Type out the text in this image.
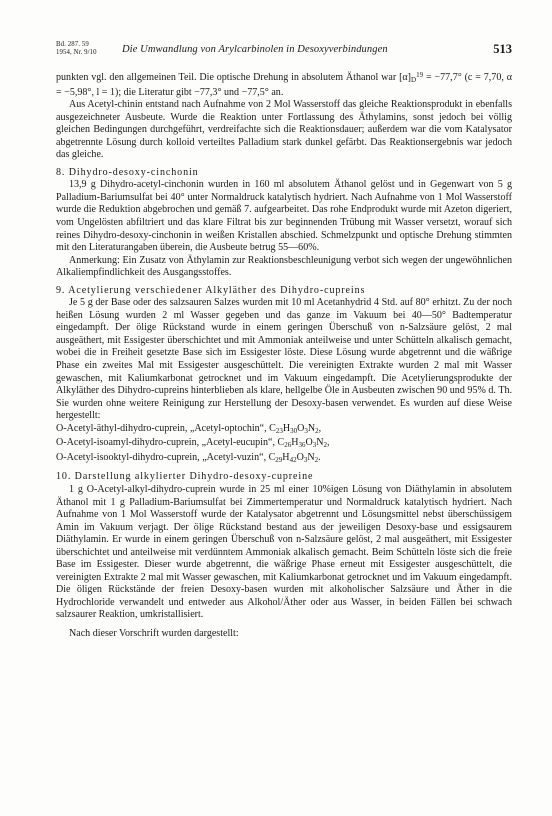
Bd. 287. 59
1954, Nr. 9/10 Die Umwandlung von Arylcarbinolen in Desoxyverbindungen	513

punkten vgl. den allgemeinen Teil. Die optische Drehung in absolutem Äthanol war $[\alpha]_D^{19} = -77,7^\circ$ (c = 7,70, α = −5,98°, l = 1); die Literatur gibt −77,3° und −77,5° an.

Aus Acetyl-chinin entstand nach Aufnahme von 2 Mol Wasserstoff das gleiche Reaktionsprodukt in ebenfalls ausgezeichneter Ausbeute. Wurde die Reaktion unter Fortlassung des Äthylamins, sonst jedoch bei völlig gleichen Bedingungen durchgeführt, verdreifachte sich die Reaktionsdauer; außerdem war die vom Katalysator abgetrennte Lösung durch kolloid verteiltes Palladium stark dunkel gefärbt. Das Reaktionsergebnis war jedoch das gleiche.

8. Dihydro-desoxy-cinchonin

13,9 g Dihydro-acetyl-cinchonin wurden in 160 ml absolutem Äthanol gelöst und in Gegenwart von 5 g Palladium-Bariumsulfat bei 40° unter Normaldruck katalytisch hydriert. Nach Aufnahme von 1 Mol Wasserstoff wurde die Reduktion abgebrochen und gemäß 7. aufgearbeitet. Das rohe Endprodukt wurde mit Azeton digeriert, vom Ungelösten abfiltriert und das klare Filtrat bis zur beginnenden Trübung mit Wasser versetzt, worauf sich reines Dihydro-desoxy-cinchonin in weißen Kristallen abschied. Schmelzpunkt und optische Drehung stimmten mit den Literaturangaben überein, die Ausbeute betrug 55—60%.

Anmerkung: Ein Zusatz von Äthylamin zur Reaktionsbeschleunigung verbot sich wegen der ungewöhnlichen Alkaliempfindlichkeit des Ausgangsstoffes.

9. Acetylierung verschiedener Alkyläther des Dihydro-cupreins

Je 5 g der Base oder des salzsauren Salzes wurden mit 10 ml Acetanhydrid 4 Std. auf 80° erhitzt. Zu der noch heißen Lösung wurden 2 ml Wasser gegeben und das ganze im Vakuum bei 40—50° Badtemperatur eingedampft. Der ölige Rückstand wurde in einem geringen Überschuß von n-Salzsäure gelöst, 2 mal ausgeäthert, mit Essigester überschichtet und mit Ammoniak anteilweise und unter Schütteln alkalisch gemacht, wobei die in Freiheit gesetzte Base sich im Essigester löste. Diese Lösung wurde abgetrennt und die wäßrige Phase ein zweites Mal mit Essigester ausgeschüttelt. Die vereinigten Extrakte wurden 2 mal mit Wasser gewaschen, mit Kaliumkarbonat getrocknet und im Vakuum eingedampft. Die Acetylierungsprodukte der Alkyläther des Dihydro-cupreins hinterblieben als klare, hellgelbe Öle in Ausbeuten zwischen 90 und 95% d. Th. Sie wurden ohne weitere Reinigung zur Herstellung der Desoxy-basen verwendet. Es wurden auf diese Weise hergestellt:

O-Acetyl-äthyl-dihydro-cuprein, „Acetyl-optochin“, $C_{23}H_{30}O_3N_2$,

O-Acetyl-isoamyl-dihydro-cuprein, „Acetyl-eucupin“, $C_{26}H_{36}O_3N_2$,

O-Acetyl-isooktyl-dihydro-cuprein, „Acetyl-vuzin“, $C_{29}H_{42}O_3N_2$.

10. Darstellung alkylierter Dihydro-desoxy-cupreine

1 g O-Acetyl-alkyl-dihydro-cuprein wurde in 25 ml einer 10%igen Lösung von Diäthylamin in absolutem Äthanol mit 1 g Palladium-Bariumsulfat bei Zimmertemperatur und Normaldruck katalytisch hydriert. Nach Aufnahme von 1 Mol Wasserstoff wurde der Katalysator abgetrennt und Lösungsmittel nebst überschüssigem Amin im Vakuum verjagt. Der ölige Rückstand bestand aus der jeweiligen Desoxy-base und essigsaurem Diäthylamin. Er wurde in einem geringen Überschuß von n-Salzsäure gelöst, 2 mal ausgeäthert, mit Essigester überschichtet und anteilweise mit verdünntem Ammoniak alkalisch gemacht. Beim Schütteln löste sich die freie Base im Essigester. Dieser wurde abgetrennt, die wäßrige Phase erneut mit Essigester ausgeschüttelt, die vereinigten Extrakte 2 mal mit Wasser gewaschen, mit Kaliumkarbonat getrocknet und im Vakuum eingedampft. Die öligen Rückstände der freien Desoxy-basen wurden mit alkoholischer Salzsäure und Äther in die Hydrochloride verwandelt und entweder aus Alkohol/Äther oder aus Wasser, in beiden Fällen bei schwach salzsaurer Reaktion, umkristallisiert.

Nach dieser Vorschrift wurden dargestellt:
